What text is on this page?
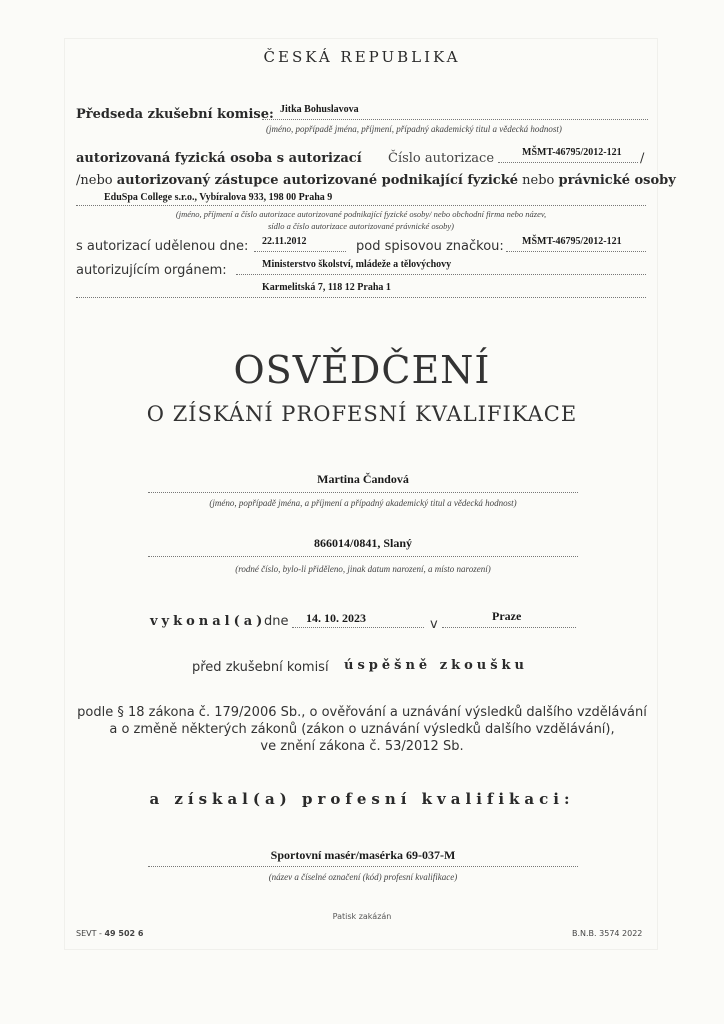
ČESKÁ REPUBLIKA
Předseda zkušební komise: Jitka Bohuslavova
(jméno, popřípadě jména, příjmení, případný akademický titul a vědecká hodnost)
autorizovaná fyzická osoba s autorizací Číslo autorizace	MŠMT-46795/2012-121 /
/nebo autorizovaný zástupce autorizované podnikající fyzické nebo právnické osoby
EduSpa College s.r.o., Vybíralova 933, 198 00 Praha 9
(jméno, příjmení a číslo autorizace autorizované podnikající fyzické osoby/ nebo obchodní firma nebo název,
sídlo a číslo autorizace autorizované právnické osoby)
s autorizací udělenou dne: 22.11.2012	pod spisovou značkou: MŠMT-46795/2012-121
autorizujícím orgánem:	Ministerstvo školství, mládeže a tělovýchovy
Karmelitská 7, 118 12 Praha 1
OSVĚDČENÍ
O ZÍSKÁNÍ PROFESNÍ KVALIFIKACE
Martina Čandová
(jméno, popřípadě jména, a příjmení a případný akademický titul a vědecká hodnost)
866014/0841, Slaný
(rodné číslo, bylo-li přiděleno, jinak datum narození, a místo narození)
vykonal(a)
dne 14. 10. 2023	v
Praze
před zkušební komisí úspěšně zkoušku
podle § 18 zákona č. 179/2006 Sb., o ověřování a uznávání výsledků dalšího vzdělávání
a o změně některých zákonů (zákon o uznávání výsledků dalšího vzdělávání),
ve znění zákona č. 53/2012 Sb.
a získal(a) profesní kvalifikaci:
Sportovní masér/masérka 69-037-M
(název a číselné označení (kód) profesní kvalifikace)
Patisk zakázán
SEVT - 49 502 6	B.N.B. 3574 2022
